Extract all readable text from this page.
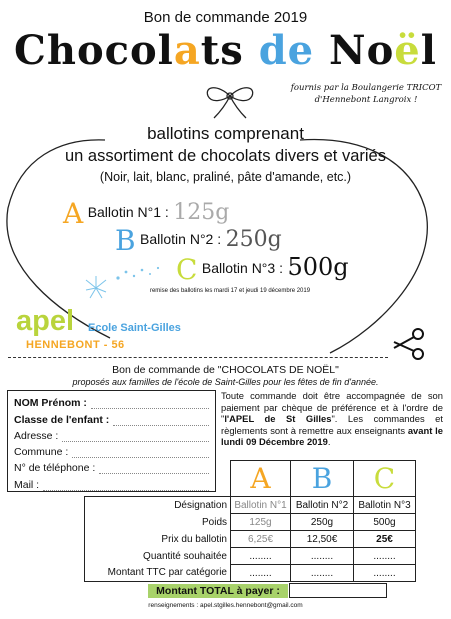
Bon de commande 2019
Chocolats de Noël
fournis par la Boulangerie TRICOT
d'Hennebont Langroix !
ballotins comprenant
un assortiment de chocolats divers et variés
(Noir, lait, blanc, praliné, pâte d'amande, etc.)
A Ballotin N°1 : 125g
B Ballotin N°2 : 250g
C Ballotin N°3 : 500g
remise des ballotins les mardi 17 et jeudi 19 décembre 2019
apel Ecole Saint-Gilles
HENNEBONT - 56
Bon de commande de "CHOCOLATS DE NOËL"
proposés aux familles de l'école de Saint-Gilles pour les fêtes de fin d'année.
NOM Prénom :
Classe de l'enfant :
Adresse :
Commune :
N° de téléphone :
Mail :
Toute commande doit être accompagnée de son paiement par chèque de préférence et à l'ordre de "l'APEL de St Gilles". Les commandes et règlements sont à remettre aux enseignants avant le lundi 09 Décembre 2019.
	A	B	C
Désignation	Ballotin N°1	Ballotin N°2	Ballotin N°3
Poids	125g	250g	500g
Prix du ballotin	6,25€	12,50€	25€
Quantité souhaitée	........	........	........
Montant TTC par catégorie	........	........	........
Montant TOTAL à payer :
renseignements : apel.stgilles.hennebont@gmail.com
